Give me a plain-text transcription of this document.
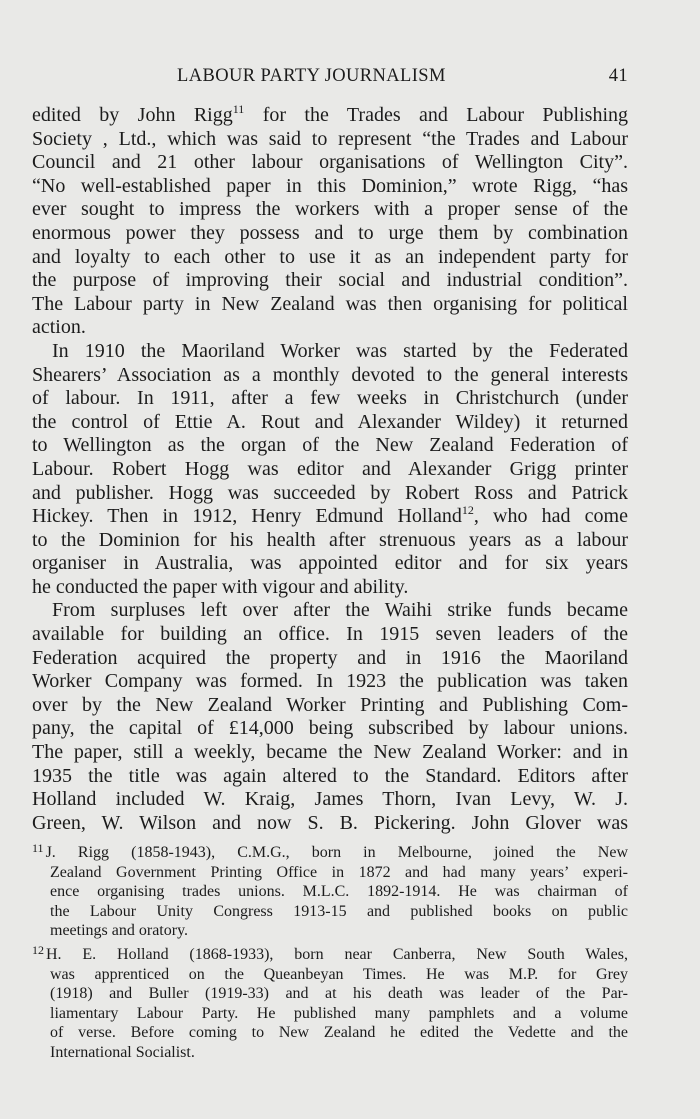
LABOUR PARTY JOURNALISM	41

edited by John Rigg$^{11}$ for the Trades and Labour Publishing
Society , Ltd., which was said to represent “the Trades and Labour
Council and 21 other labour organisations of Wellington City”.
“No well-established paper in this Dominion,” wrote Rigg, “has
ever sought to impress the workers with a proper sense of the
enormous power they possess and to urge them by combination
and loyalty to each other to use it as an independent party for
the purpose of improving their social and industrial condition”.
The Labour party in New Zealand was then organising for political
action.

In 1910 the Maoriland Worker was started by the Federated
Shearers’ Association as a monthly devoted to the general interests
of labour. In 1911, after a few weeks in Christchurch (under
the control of Ettie A. Rout and Alexander Wildey) it returned
to Wellington as the organ of the New Zealand Federation of
Labour. Robert Hogg was editor and Alexander Grigg printer
and publisher. Hogg was succeeded by Robert Ross and Patrick
Hickey. Then in 1912, Henry Edmund Holland$^{12}$, who had come
to the Dominion for his health after strenuous years as a labour
organiser in Australia, was appointed editor and for six years
he conducted the paper with vigour and ability.

From surpluses left over after the Waihi strike funds became
available for building an office. In 1915 seven leaders of the
Federation acquired the property and in 1916 the Maoriland
Worker Company was formed. In 1923 the publication was taken
over by the New Zealand Worker Printing and Publishing Com-
pany, the capital of £14,000 being subscribed by labour unions.
The paper, still a weekly, became the New Zealand Worker: and in
1935 the title was again altered to the Standard. Editors after
Holland included W. Kraig, James Thorn, Ivan Levy, W. J.
Green, W. Wilson and now S. B. Pickering. John Glover was

$^{11}$ J. Rigg (1858-1943), C.M.G., born in Melbourne, joined the New
Zealand Government Printing Office in 1872 and had many years’ experi-
ence organising trades unions. M.L.C. 1892-1914. He was chairman of
the Labour Unity Congress 1913-15 and published books on public
meetings and oratory.
$^{12}$ H. E. Holland (1868-1933), born near Canberra, New South Wales,
was apprenticed on the Queanbeyan Times. He was M.P. for Grey
(1918) and Buller (1919-33) and at his death was leader of the Par-
liamentary Labour Party. He published many pamphlets and a volume
of verse. Before coming to New Zealand he edited the Vedette and the
International Socialist.
